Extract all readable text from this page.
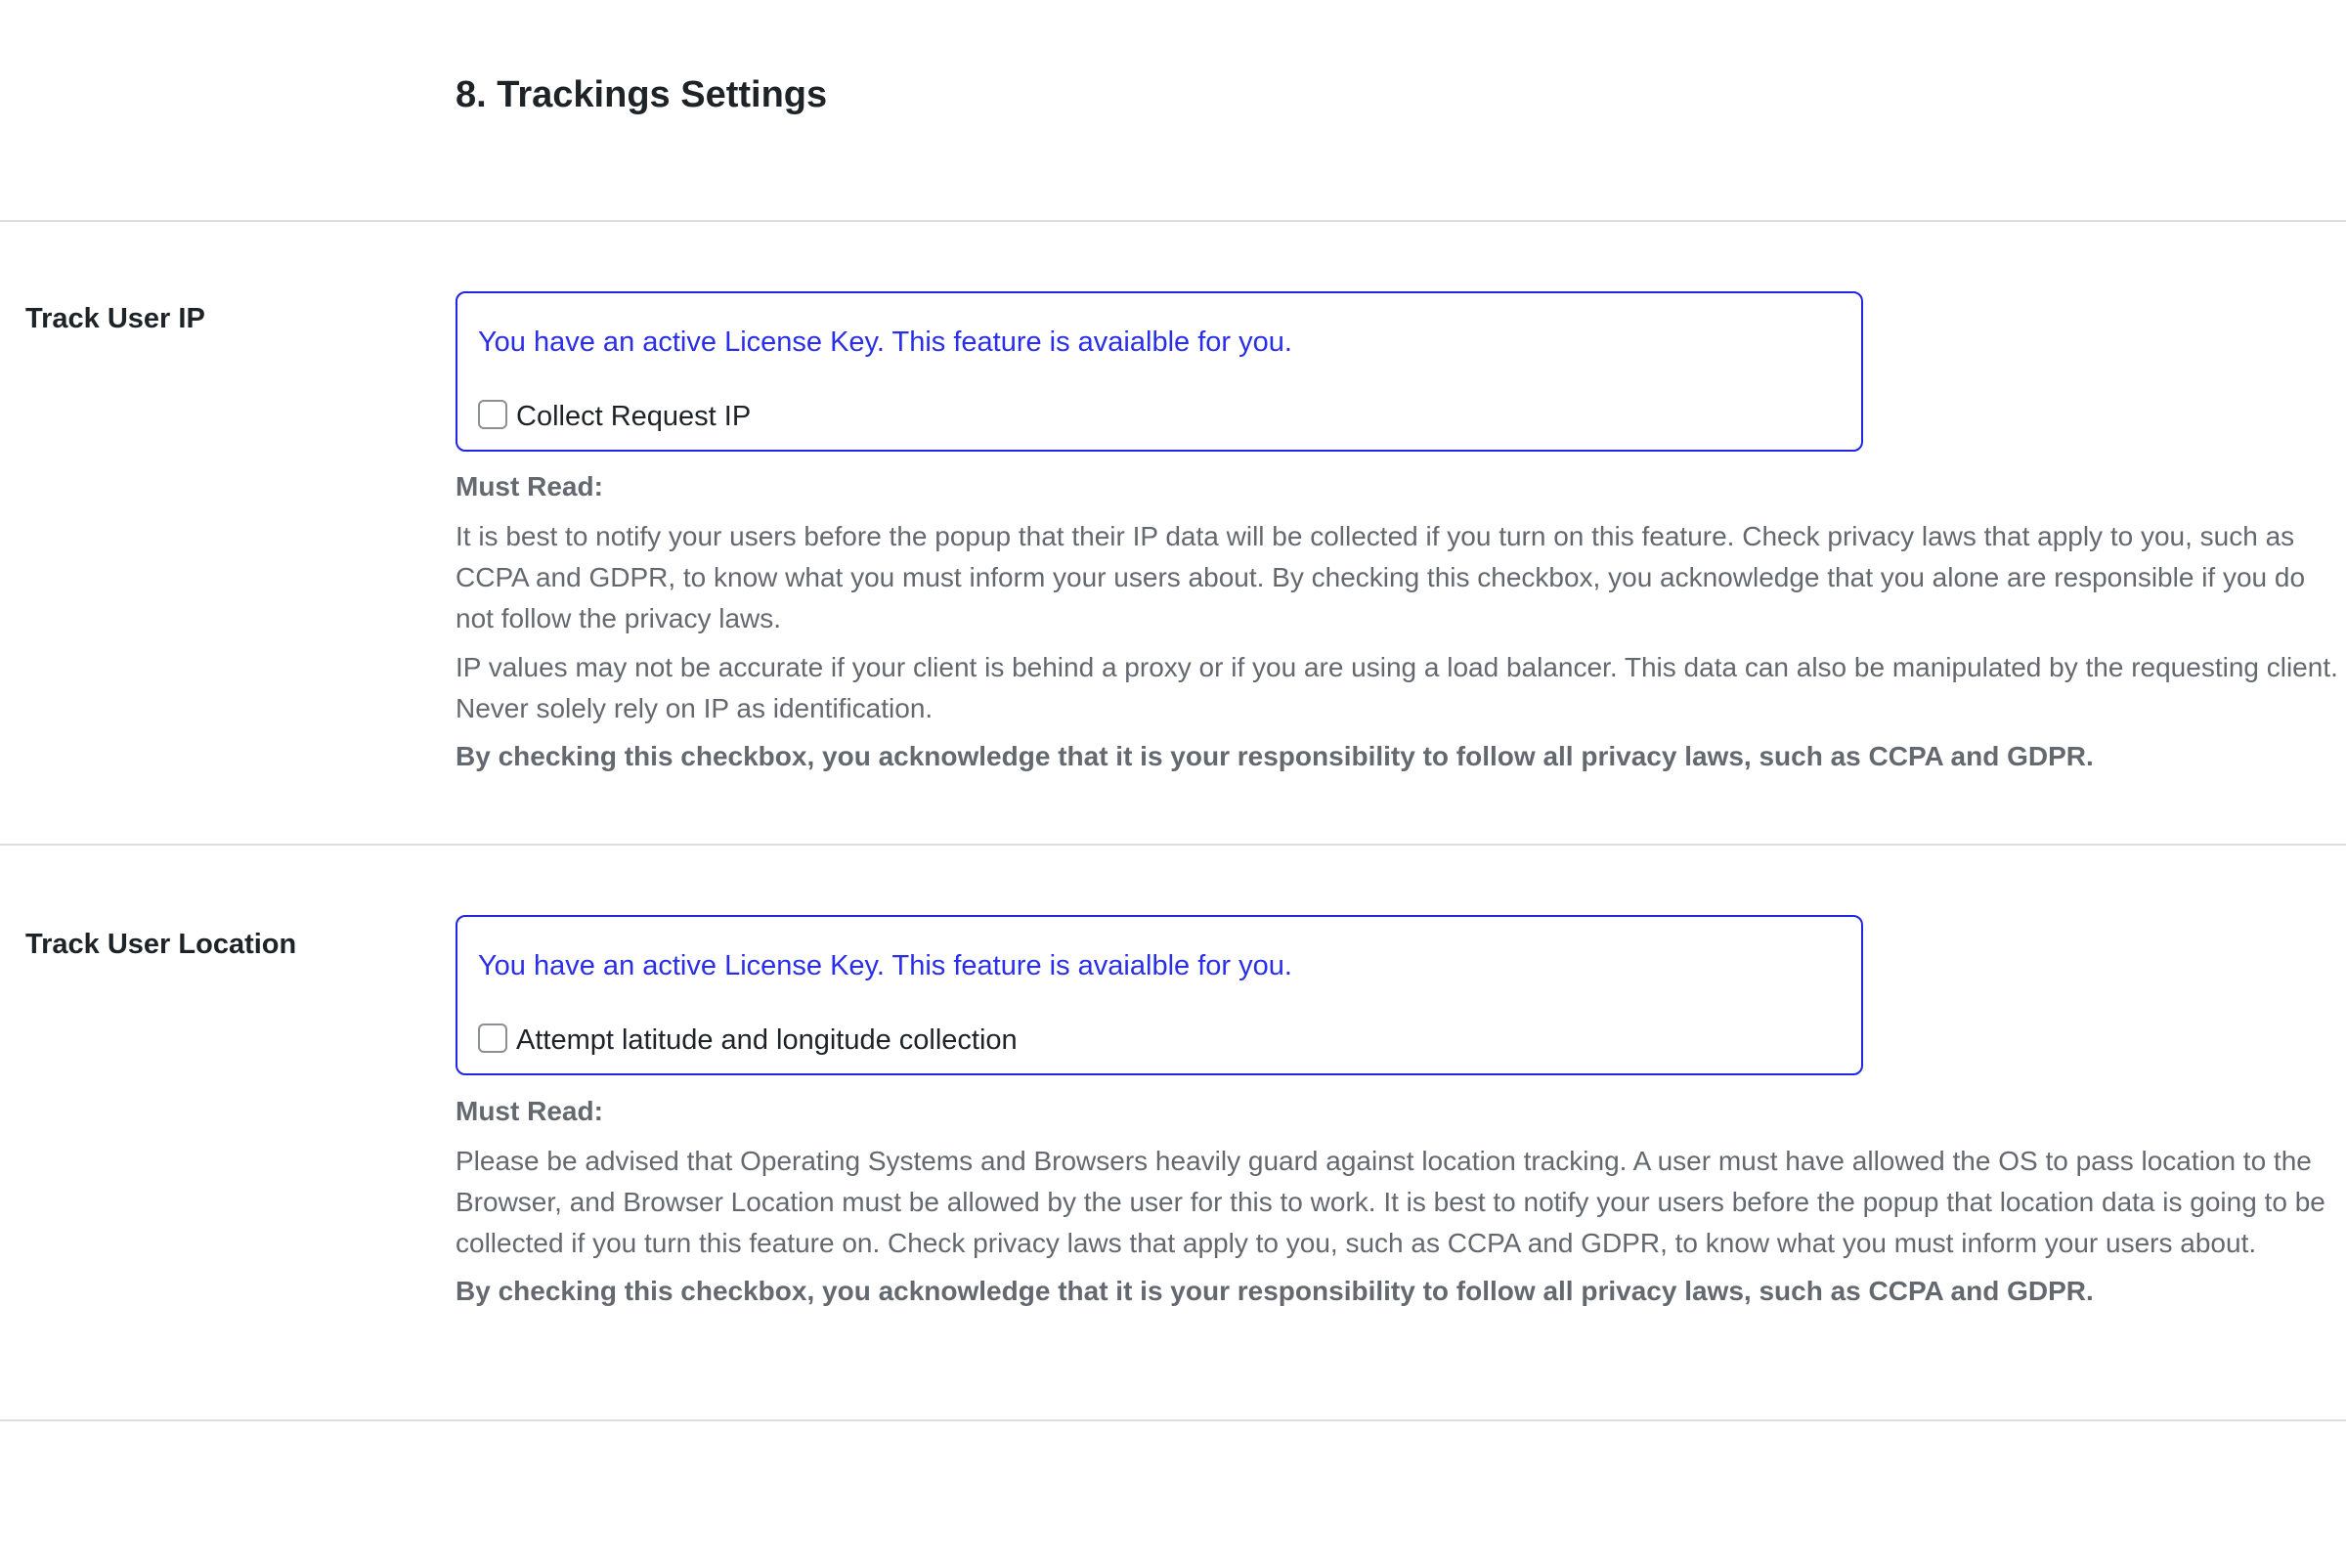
8. Trackings Settings
Track User IP
You have an active License Key. This feature is avaialble for you.
Collect Request IP
Must Read:

It is best to notify your users before the popup that their IP data will be collected if you turn on this feature. Check privacy laws that apply to you, such as CCPA and GDPR, to know what you must inform your users about. By checking this checkbox, you acknowledge that you alone are responsible if you do not follow the privacy laws.

IP values may not be accurate if your client is behind a proxy or if you are using a load balancer. This data can also be manipulated by the requesting client. Never solely rely on IP as identification.

By checking this checkbox, you acknowledge that it is your responsibility to follow all privacy laws, such as CCPA and GDPR.

Track User Location
You have an active License Key. This feature is avaialble for you.
Attempt latitude and longitude collection
Must Read:

Please be advised that Operating Systems and Browsers heavily guard against location tracking. A user must have allowed the OS to pass location to the Browser, and Browser Location must be allowed by the user for this to work. It is best to notify your users before the popup that location data is going to be collected if you turn this feature on. Check privacy laws that apply to you, such as CCPA and GDPR, to know what you must inform your users about.

By checking this checkbox, you acknowledge that it is your responsibility to follow all privacy laws, such as CCPA and GDPR.
